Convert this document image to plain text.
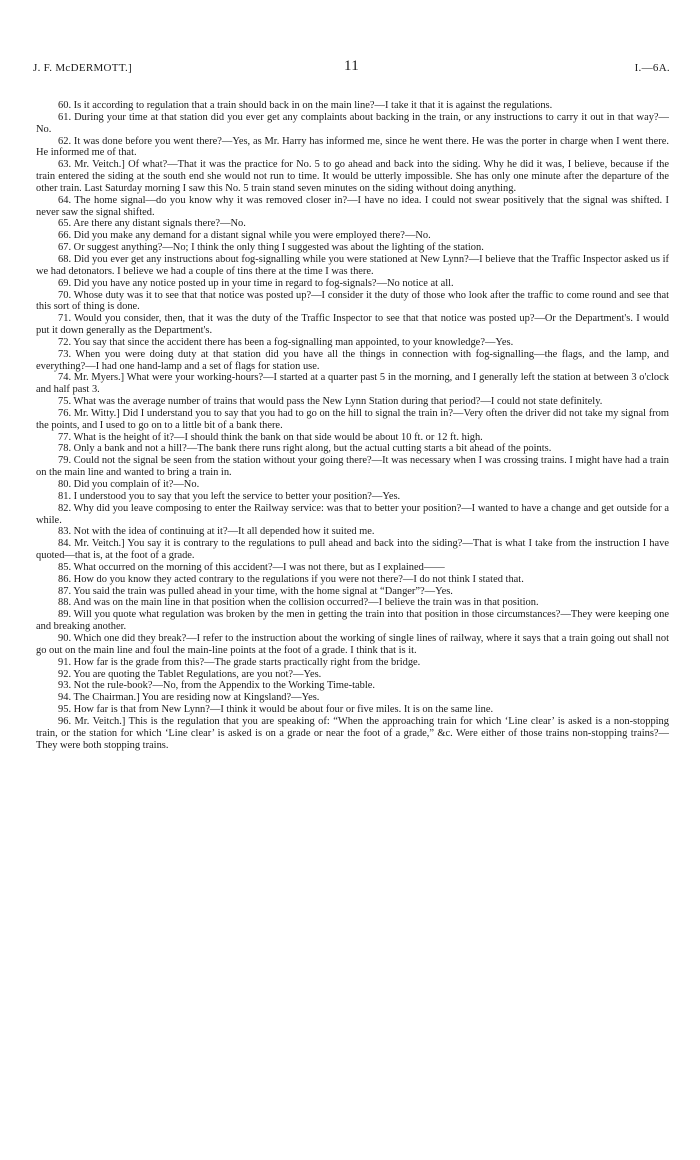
J. F. McDERMOTT.]	11	I.—6A.

60. Is it according to regulation that a train should back in on the main line?—I take it that it is against the regulations.

61. During your time at that station did you ever get any complaints about backing in the train, or any instructions to carry it out in that way?—No.

62. It was done before you went there?—Yes, as Mr. Harry has informed me, since he went there. He was the porter in charge when I went there. He informed me of that.

63. Mr. Veitch.] Of what?—That it was the practice for No. 5 to go ahead and back into the siding. Why he did it was, I believe, because if the train entered the siding at the south end she would not run to time. It would be utterly impossible. She has only one minute after the departure of the other train. Last Saturday morning I saw this No. 5 train stand seven minutes on the siding without doing anything.

64. The home signal—do you know why it was removed closer in?—I have no idea. I could not swear positively that the signal was shifted. I never saw the signal shifted.

65. Are there any distant signals there?—No.

66. Did you make any demand for a distant signal while you were employed there?—No.

67. Or suggest anything?—No; I think the only thing I suggested was about the lighting of the station.

68. Did you ever get any instructions about fog-signalling while you were stationed at New Lynn?—I believe that the Traffic Inspector asked us if we had detonators. I believe we had a couple of tins there at the time I was there.

69. Did you have any notice posted up in your time in regard to fog-signals?—No notice at all.

70. Whose duty was it to see that that notice was posted up?—I consider it the duty of those who look after the traffic to come round and see that this sort of thing is done.

71. Would you consider, then, that it was the duty of the Traffic Inspector to see that that notice was posted up?—Or the Department's. I would put it down generally as the Department's.

72. You say that since the accident there has been a fog-signalling man appointed, to your knowledge?—Yes.

73. When you were doing duty at that station did you have all the things in connection with fog-signalling—the flags, and the lamp, and everything?—I had one hand-lamp and a set of flags for station use.

74. Mr. Myers.] What were your working-hours?—I started at a quarter past 5 in the morning, and I generally left the station at between 3 o'clock and half past 3.

75. What was the average number of trains that would pass the New Lynn Station during that period?—I could not state definitely.

76. Mr. Witty.] Did I understand you to say that you had to go on the hill to signal the train in?—Very often the driver did not take my signal from the points, and I used to go on to a little bit of a bank there.

77. What is the height of it?—I should think the bank on that side would be about 10 ft. or 12 ft. high.

78. Only a bank and not a hill?—The bank there runs right along, but the actual cutting starts a bit ahead of the points.

79. Could not the signal be seen from the station without your going there?—It was necessary when I was crossing trains. I might have had a train on the main line and wanted to bring a train in.

80. Did you complain of it?—No.

81. I understood you to say that you left the service to better your position?—Yes.

82. Why did you leave composing to enter the Railway service: was that to better your position?—I wanted to have a change and get outside for a while.

83. Not with the idea of continuing at it?—It all depended how it suited me.

84. Mr. Veitch.] You say it is contrary to the regulations to pull ahead and back into the siding?—That is what I take from the instruction I have quoted—that is, at the foot of a grade.

85. What occurred on the morning of this accident?—I was not there, but as I explained——

86. How do you know they acted contrary to the regulations if you were not there?—I do not think I stated that.

87. You said the train was pulled ahead in your time, with the home signal at “Danger”?—Yes.

88. And was on the main line in that position when the collision occurred?—I believe the train was in that position.

89. Will you quote what regulation was broken by the men in getting the train into that position in those circumstances?—They were keeping one and breaking another.

90. Which one did they break?—I refer to the instruction about the working of single lines of railway, where it says that a train going out shall not go out on the main line and foul the main-line points at the foot of a grade. I think that is it.

91. How far is the grade from this?—The grade starts practically right from the bridge.

92. You are quoting the Tablet Regulations, are you not?—Yes.

93. Not the rule-book?—No, from the Appendix to the Working Time-table.

94. The Chairman.] You are residing now at Kingsland?—Yes.

95. How far is that from New Lynn?—I think it would be about four or five miles. It is on the same line.

96. Mr. Veitch.] This is the regulation that you are speaking of: “When the approaching train for which ‘Line clear’ is asked is a non-stopping train, or the station for which ‘Line clear’ is asked is on a grade or near the foot of a grade,” &c. Were either of those trains non-stopping trains?—They were both stopping trains.
